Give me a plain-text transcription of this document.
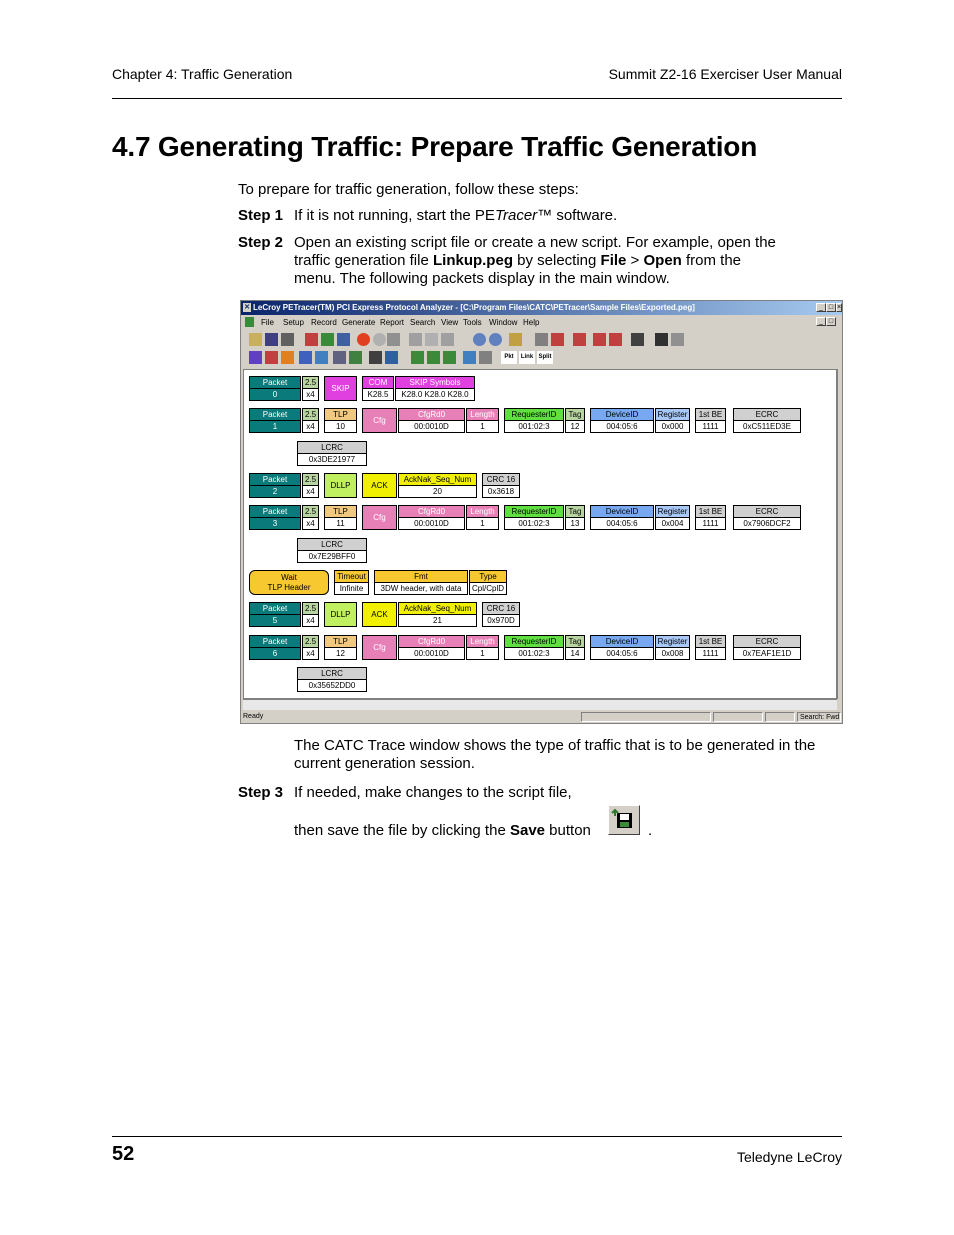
Chapter 4: Traffic Generation	Summit Z2-16 Exerciser User Manual
4.7 Generating Traffic: Prepare Traffic Generation
To prepare for traffic generation, follow these steps:
Step 1 If it is not running, start the PETracer™ software.
Step 2 Open an existing script file or create a new script. For example, open the
traffic generation file Linkup.peg by selecting File > Open from the
menu. The following packets display in the main window.
✕ LeCroy PETracer(TM) PCI Express Protocol Analyzer - [C:\Program Files\CATC\PETracer\Sample Files\Exported.peg]
_ □
_ □ ×
File Setup Record Generate Report Search View Tools Window Help
Pkt	Link Split
Packet
0
2.5
x4
SKIP
COM
K28.5
SKIP Symbols
K28.0 K28.0 K28.0
Packet
1
2.5
x4
TLP
10
Cfg
CfgRd0
00:0010D
Length
1
RequesterID
001:02:3
Tag
12
DeviceID
004:05:6
Register
0x000
1st BE
1111
ECRC
0xC511ED3E
LCRC
0x3DE21977
Packet
2
2.5
x4
DLLP	ACK
AckNak_Seq_Num
20
CRC 16
0x3618
Packet
3
2.5
x4
TLP
11
Cfg
CfgRd0
00:0010D
Length
1
RequesterID
001:02:3
Tag
13
DeviceID
004:05:6
Register
0x004
1st BE
1111
ECRC
0x7906DCF2
LCRC
0x7E29BFF0
Wait
TLP Header
Timeout
Infinite
Fmt
3DW header, with data
Type
Cpl/CplD
Packet
5
2.5
x4
DLLP	ACK
AckNak_Seq_Num
21
CRC 16
0x970D
Packet
6
2.5
x4
TLP
12
Cfg
CfgRd0
00:0010D
Length
1
RequesterID
001:02:3
Tag
14
DeviceID
004:05:6
Register
0x008
1st BE
1111
ECRC
0x7EAF1E1D
LCRC
0x35652DD0
Ready	Search: Fwd
The CATC Trace window shows the type of traffic that is to be generated in the
current generation session.
Step 3 If needed, make changes to the script file,
then save the file by clicking the Save button	.
52	Teledyne LeCroy
